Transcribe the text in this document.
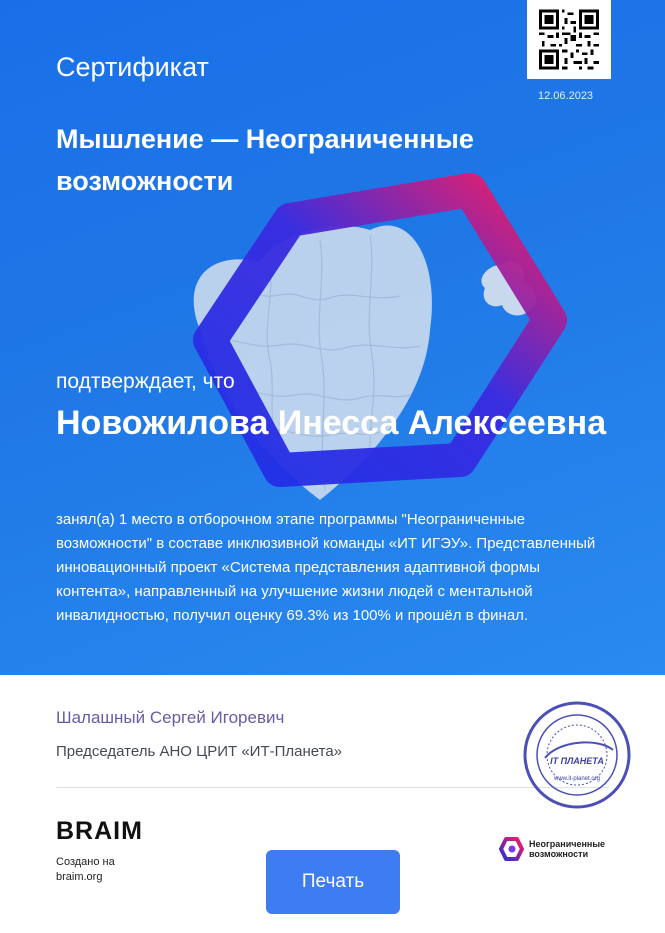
Сертификат
12.06.2023
Мышление — Неограниченные возможности
подтверждает, что
Новожилова Инесса Алексеевна
занял(а) 1 место в отборочном этапе программы "Неограниченные возможности" в составе инклюзивной команды «ИТ ИГЭУ». Представленный инновационный проект «Система представления адаптивной формы контента», направленный на улучшение жизни людей с ментальной инвалидностью, получил оценку 69.3% из 100% и прошёл в финал.
Шалашный Сергей Игоревич
Председатель АНО ЦРИТ «ИТ-Планета»
IT ПЛАНЕТА
www.it-planet.org
BRAIM
Создано на
braim.org	Печать
Неограниченные возможности
